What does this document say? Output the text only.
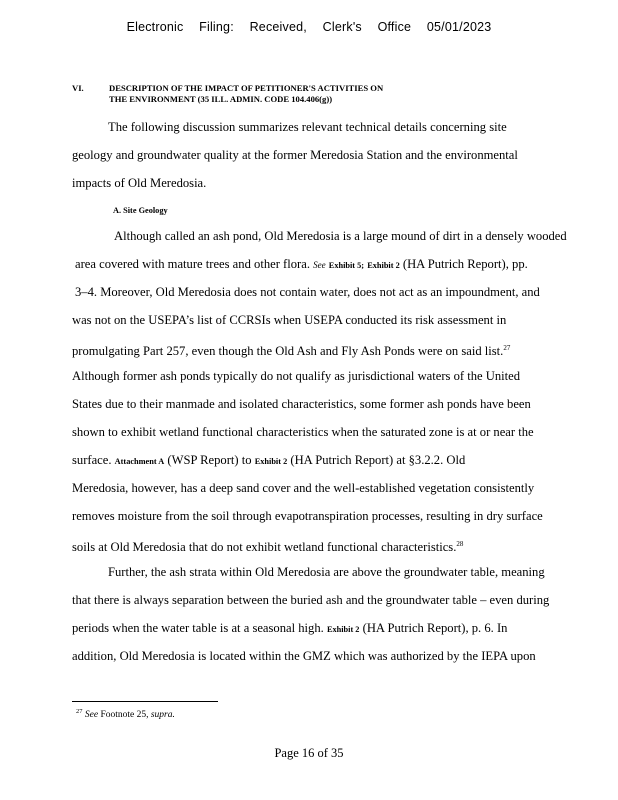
Electronic Filing: Received, Clerk's Office 05/01/2023
VI.	DESCRIPTION OF THE IMPACT OF PETITIONER'S ACTIVITIES ON
THE ENVIRONMENT (35 ILL. ADMIN. CODE 104.406(g))
The following discussion summarizes relevant technical details concerning site
geology and groundwater quality at the former Meredosia Station and the environmental
impacts of Old Meredosia.
A. Site Geology
Although called an ash pond, Old Meredosia is a large mound of dirt in a densely wooded
area covered with mature trees and other flora. See Exhibit 5; Exhibit 2 (HA Putrich Report), pp.
3–4. Moreover, Old Meredosia does not contain water, does not act as an impoundment, and
was not on the USEPA’s list of CCRSIs when USEPA conducted its risk assessment in
promulgating Part 257, even though the Old Ash and Fly Ash Ponds were on said list.$^{27}$
Although former ash ponds typically do not qualify as jurisdictional waters of the United
States due to their manmade and isolated characteristics, some former ash ponds have been
shown to exhibit wetland functional characteristics when the saturated zone is at or near the
surface. Attachment A (WSP Report) to Exhibit 2 (HA Putrich Report) at §3.2.2. Old
Meredosia, however, has a deep sand cover and the well-established vegetation consistently
removes moisture from the soil through evapotranspiration processes, resulting in dry surface
soils at Old Meredosia that do not exhibit wetland functional characteristics.$^{28}$
Further, the ash strata within Old Meredosia are above the groundwater table, meaning
that there is always separation between the buried ash and the groundwater table – even during
periods when the water table is at a seasonal high. Exhibit 2 (HA Putrich Report), p. 6. In
addition, Old Meredosia is located within the GMZ which was authorized by the IEPA upon
$^{27}$ See Footnote 25, supra.
Page 16 of 35
